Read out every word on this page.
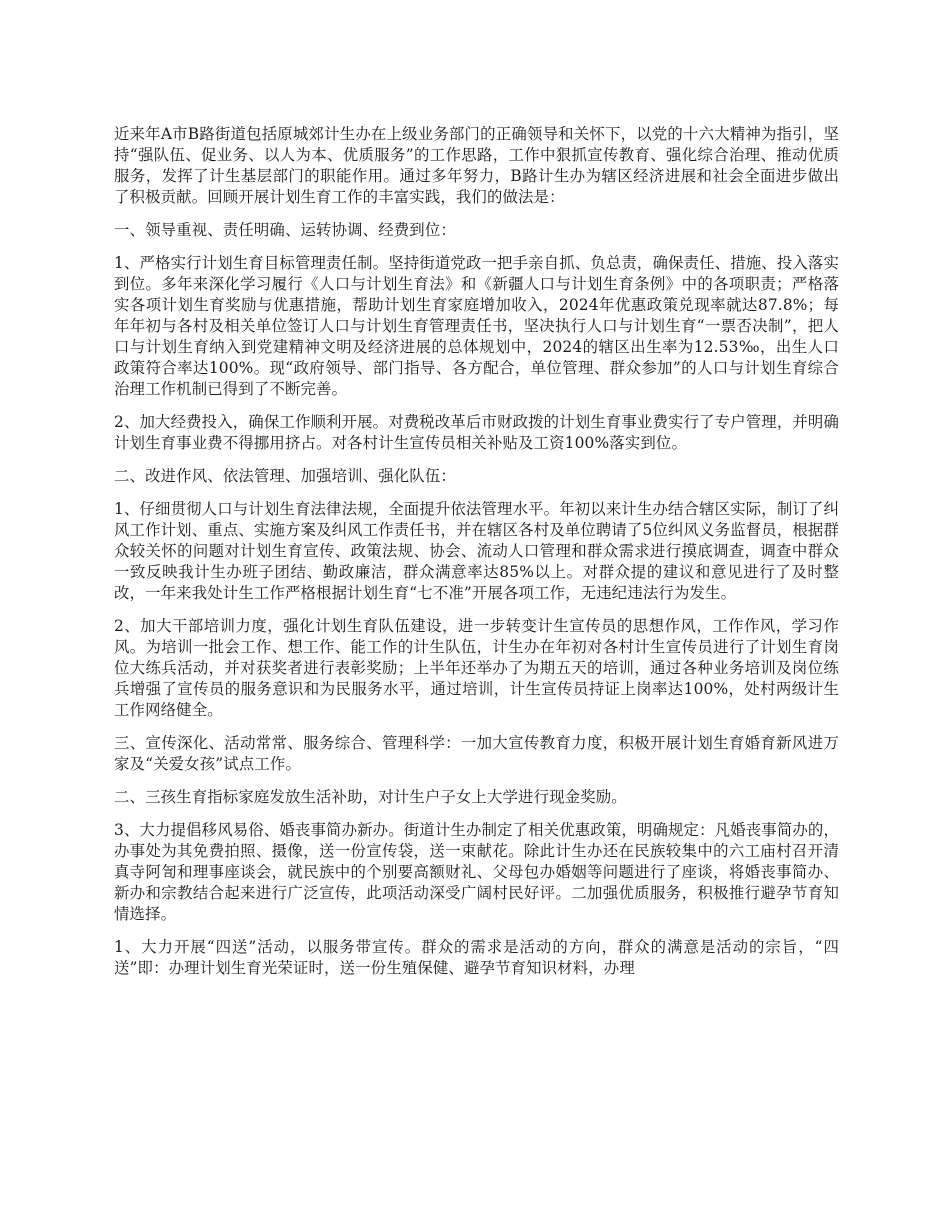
近来年A市B路街道包括原城郊计生办在上级业务部门的正确领导和关怀下，以党的十六大精神为指引，坚持“强队伍、促业务、以人为本、优质服务”的工作思路，工作中狠抓宣传教育、强化综合治理、推动优质服务，发挥了计生基层部门的职能作用。通过多年努力，B路计生办为辖区经济进展和社会全面进步做出了积极贡献。回顾开展计划生育工作的丰富实践，我们的做法是：

一、领导重视、责任明确、运转协调、经费到位：

1、严格实行计划生育目标管理责任制。坚持街道党政一把手亲自抓、负总责，确保责任、措施、投入落实到位。多年来深化学习履行《人口与计划生育法》和《新疆人口与计划生育条例》中的各项职责；严格落实各项计划生育奖励与优惠措施，帮助计划生育家庭增加收入，2024年优惠政策兑现率就达87.8%；每年年初与各村及相关单位签订人口与计划生育管理责任书，坚决执行人口与计划生育“一票否决制”，把人口与计划生育纳入到党建精神文明及经济进展的总体规划中，2024的辖区出生率为12.53‰，出生人口政策符合率达100%。现“政府领导、部门指导、各方配合，单位管理、群众参加”的人口与计划生育综合治理工作机制已得到了不断完善。

2、加大经费投入，确保工作顺利开展。对费税改革后市财政拨的计划生育事业费实行了专户管理，并明确计划生育事业费不得挪用挤占。对各村计生宣传员相关补贴及工资100%落实到位。

二、改进作风、依法管理、加强培训、强化队伍：

1、仔细贯彻人口与计划生育法律法规，全面提升依法管理水平。年初以来计生办结合辖区实际，制订了纠风工作计划、重点、实施方案及纠风工作责任书，并在辖区各村及单位聘请了5位纠风义务监督员，根据群众较关怀的问题对计划生育宣传、政策法规、协会、流动人口管理和群众需求进行摸底调查，调查中群众一致反映我计生办班子团结、勤政廉洁，群众满意率达85%以上。对群众提的建议和意见进行了及时整改，一年来我处计生工作严格根据计划生育“七不准”开展各项工作，无违纪违法行为发生。

2、加大干部培训力度，强化计划生育队伍建设，进一步转变计生宣传员的思想作风，工作作风，学习作风。为培训一批会工作、想工作、能工作的计生队伍，计生办在年初对各村计生宣传员进行了计划生育岗位大练兵活动，并对获奖者进行表彰奖励；上半年还举办了为期五天的培训，通过各种业务培训及岗位练兵增强了宣传员的服务意识和为民服务水平，通过培训，计生宣传员持证上岗率达100%，处村两级计生工作网络健全。

三、宣传深化、活动常常、服务综合、管理科学：一加大宣传教育力度，积极开展计划生育婚育新风进万家及“关爱女孩”试点工作。

二、三孩生育指标家庭发放生活补助，对计生户子女上大学进行现金奖励。

3、大力提倡移风易俗、婚丧事简办新办。街道计生办制定了相关优惠政策，明确规定：凡婚丧事简办的，办事处为其免费拍照、摄像，送一份宣传袋，送一束献花。除此计生办还在民族较集中的六工庙村召开清真寺阿訇和理事座谈会，就民族中的个别要高额财礼、父母包办婚姻等问题进行了座谈，将婚丧事简办、新办和宗教结合起来进行广泛宣传，此项活动深受广阔村民好评。二加强优质服务，积极推行避孕节育知情选择。

1、大力开展“四送”活动，以服务带宣传。群众的需求是活动的方向，群众的满意是活动的宗旨，“四送”即：办理计划生育光荣证时，送一份生殖保健、避孕节育知识材料，办理
